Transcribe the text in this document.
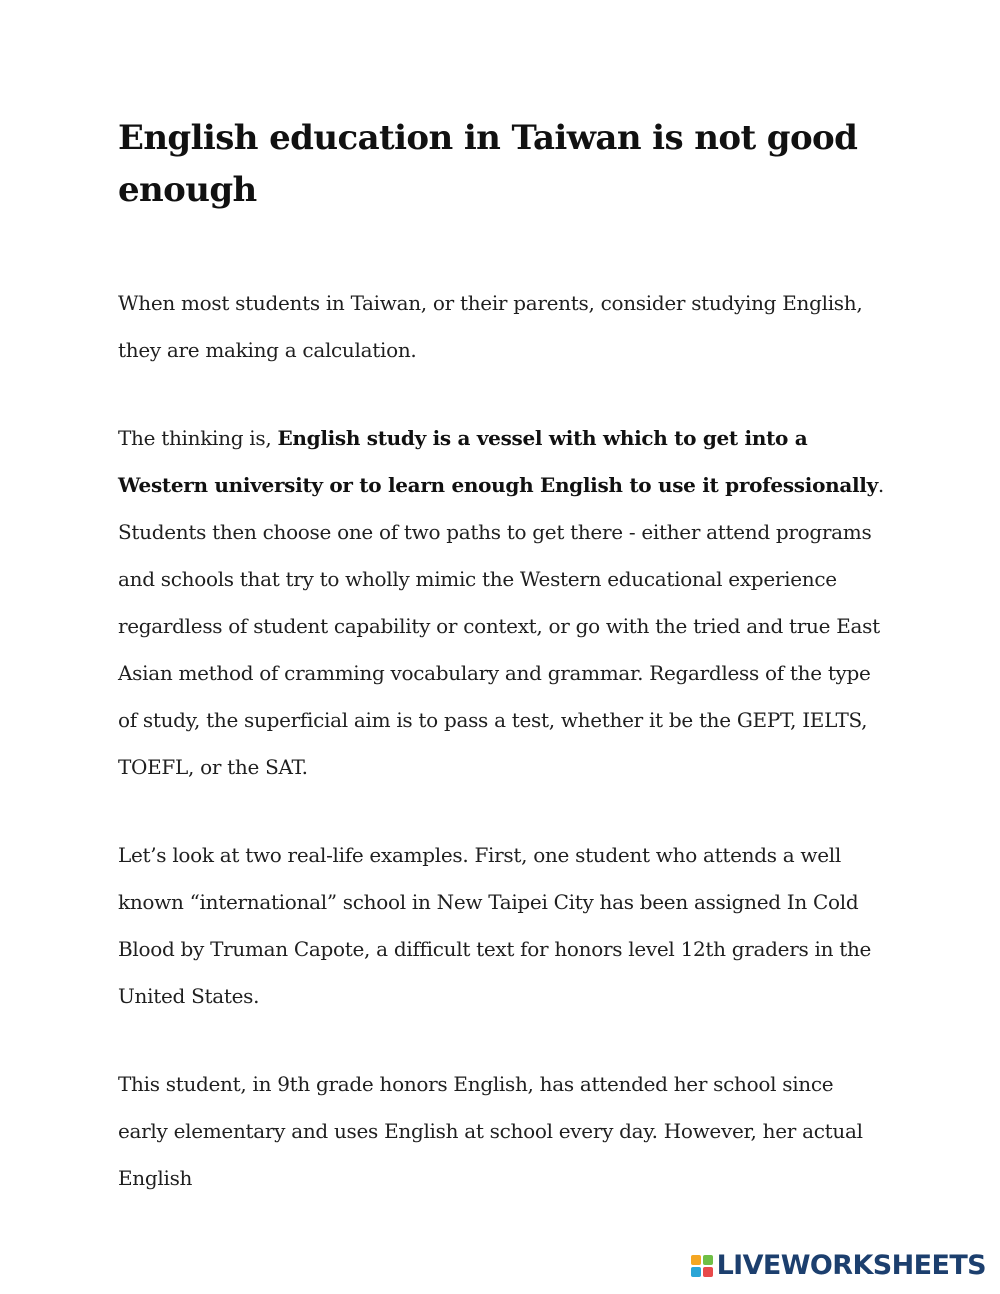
English education in Taiwan is not good enough

When most students in Taiwan, or their parents, consider studying English, they are making a calculation.

The thinking is, English study is a vessel with which to get into a Western university or to learn enough English to use it professionally. Students then choose one of two paths to get there - either attend programs and schools that try to wholly mimic the Western educational experience regardless of student capability or context, or go with the tried and true East Asian method of cramming vocabulary and grammar. Regardless of the type of study, the superficial aim is to pass a test, whether it be the GEPT, IELTS, TOEFL, or the SAT.

Let’s look at two real-life examples. First, one student who attends a well known “international” school in New Taipei City has been assigned In Cold Blood by Truman Capote, a difficult text for honors level 12th graders in the United States.

This student, in 9th grade honors English, has attended her school since early elementary and uses English at school every day. However, her actual English

LIVEWORKSHEETS
